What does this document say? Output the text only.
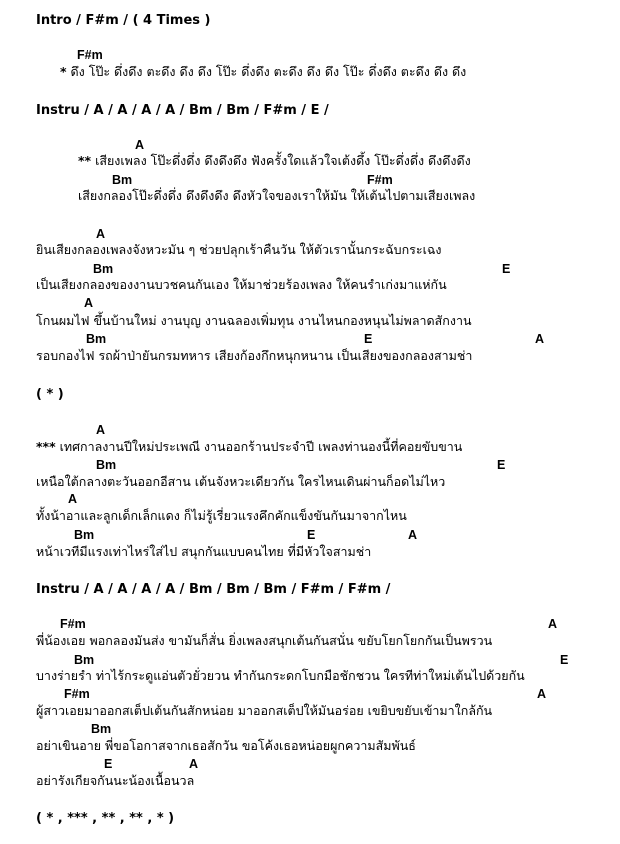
Intro / F#m / ( 4 Times )
F#m
* ดึง โป๊ะ ดึ่งดึง ตะดึง ดึง ดึง โป๊ะ ดึ่งดึง ตะดึง ดึง ดึง โป๊ะ ดึ่งดึง ตะดึง ดึง ดึง
Instru / A / A / A / A / Bm / Bm / F#m / E /
A
** เสียงเพลง โป๊ะดึ่งดึ่ง ดึงดึงดึง ฟังครั้งใดแล้วใจเต้งดึ้ง โป๊ะดึ่งดึ่ง ดึงดึงดึง
Bm	F#m
เสียงกลองโป๊ะดึ่งดึ่ง ดึงดึงดึง ดึงหัวใจของเราให้มัน ให้เต้นไปตามเสียงเพลง
A
ยินเสียงกลองเพลงจังหวะมัน ๆ ช่วยปลุกเร้าคืนวัน ให้ตัวเรานั้นกระฉับกระเฉง
Bm	E
เป็นเสียงกลองของงานบวชคนกันเอง ให้มาช่วยร้องเพลง ให้คนรำเก่งมาแห่กัน
A
โกนผมไฟ ขึ้นบ้านใหม่ งานบุญ งานฉลองเพิ่มทุน งานไหนกองหนุนไม่พลาดสักงาน
Bm	E	A
รอบกองไฟ รถผ้าป่ายันกรมทหาร เสียงก้องกึกหนุกหนาน เป็นเสียงของกลองสามช่า
( * )
A
*** เทศกาลงานปีใหม่ประเพณี งานออกร้านประจำปี เพลงท่านองนี้ที่คอยขับขาน
Bm	E
เหนือใต้กลางตะวันออกอีสาน เต้นจังหวะเดียวกัน ใครไหนเดินผ่านก็อดไม่ไหว
A
ทั้งน้าอาและลูกเด็กเล็กแดง ก็ไม่รู้เรี่ยวแรงคึกคักแข็งขันกันมาจากไหน
Bm	E	A
หน้าเวทีมีแรงเท่าไหร่ใส่ไป สนุกกันแบบคนไทย ที่มีหัวใจสามช่า
Instru / A / A / A / A / Bm / Bm / Bm / F#m / F#m /
F#m	A
พี่น้องเอย พอกลองมันส่ง ขามันก็สั่น ยิ่งเพลงสนุกเต้นกันสนั่น ขยับโยกโยกกันเป็นพรวน
Bm	E
บางร่ายรำ ท่าไร้กระดูแอ่นตัวยั่วยวน ทำกันกระดกโบกมือชักชวน ใครทีท่าใหม่เต้นไปด้วยกัน
F#m	A
ผู้สาวเอยมาออกสเต็ปเต้นกันสักหน่อย มาออกสเต็ปให้มันอร่อย เขยิบขยับเข้ามาใกล้กัน
Bm
อย่าเขินอาย พี่ขอโอกาสจากเธอสักวัน ขอโค้งเธอหน่อยผูกความสัมพันธ์
E	A
อย่ารังเกียจกันนะน้องเนื้อนวล
( * , *** , ** , ** , * )
